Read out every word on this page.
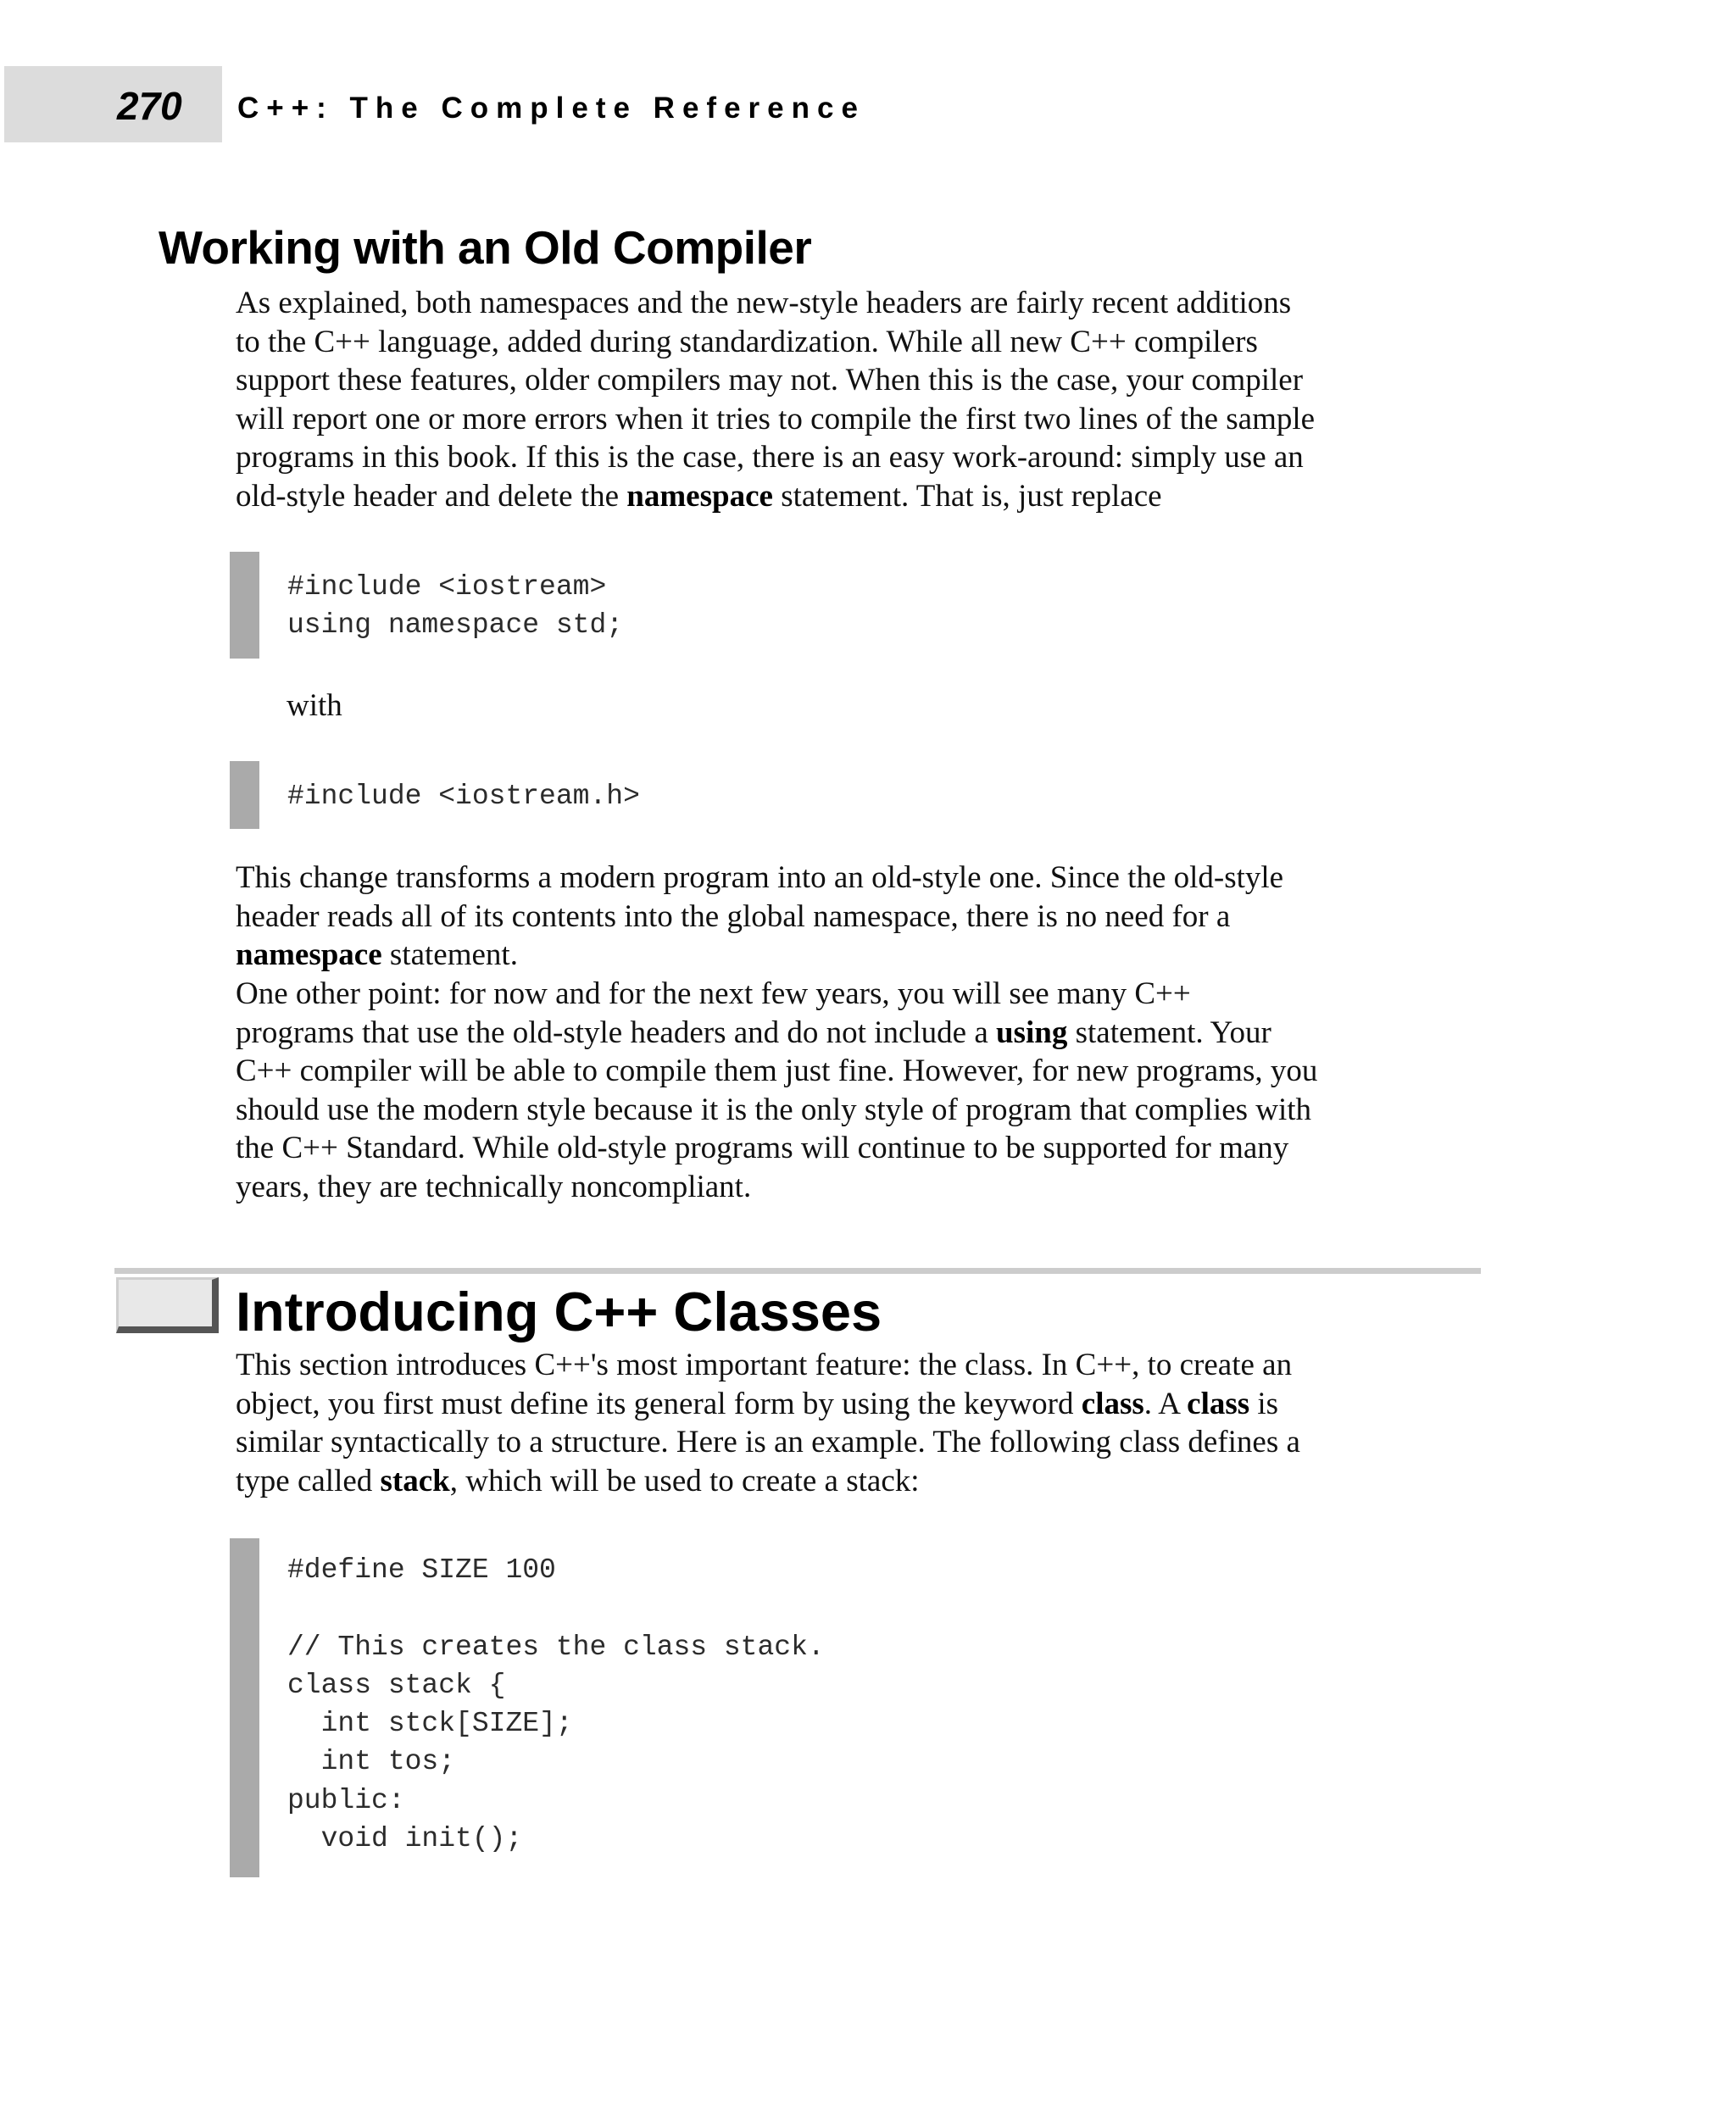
270 C++: The Complete Reference
Working with an Old Compiler

As explained, both namespaces and the new-style headers are fairly recent additions
to the C++ language, added during standardization. While all new C++ compilers
support these features, older compilers may not. When this is the case, your compiler
will report one or more errors when it tries to compile the first two lines of the sample
programs in this book. If this is the case, there is an easy work-around: simply use an
old-style header and delete the namespace statement. That is, just replace

#include <iostream>
using namespace std;

with

#include <iostream.h>

This change transforms a modern program into an old-style one. Since the old-style
header reads all of its contents into the global namespace, there is no need for a
namespace statement.

One other point: for now and for the next few years, you will see many C++
programs that use the old-style headers and do not include a using statement. Your
C++ compiler will be able to compile them just fine. However, for new programs, you
should use the modern style because it is the only style of program that complies with
the C++ Standard. While old-style programs will continue to be supported for many
years, they are technically noncompliant.

Introducing C++ Classes

This section introduces C++'s most important feature: the class. In C++, to create an
object, you first must define its general form by using the keyword class. A class is
similar syntactically to a structure. Here is an example. The following class defines a
type called stack, which will be used to create a stack:

#define SIZE 100

// This creates the class stack.
class stack {
int stck[SIZE];
int tos;
public:
void init();
